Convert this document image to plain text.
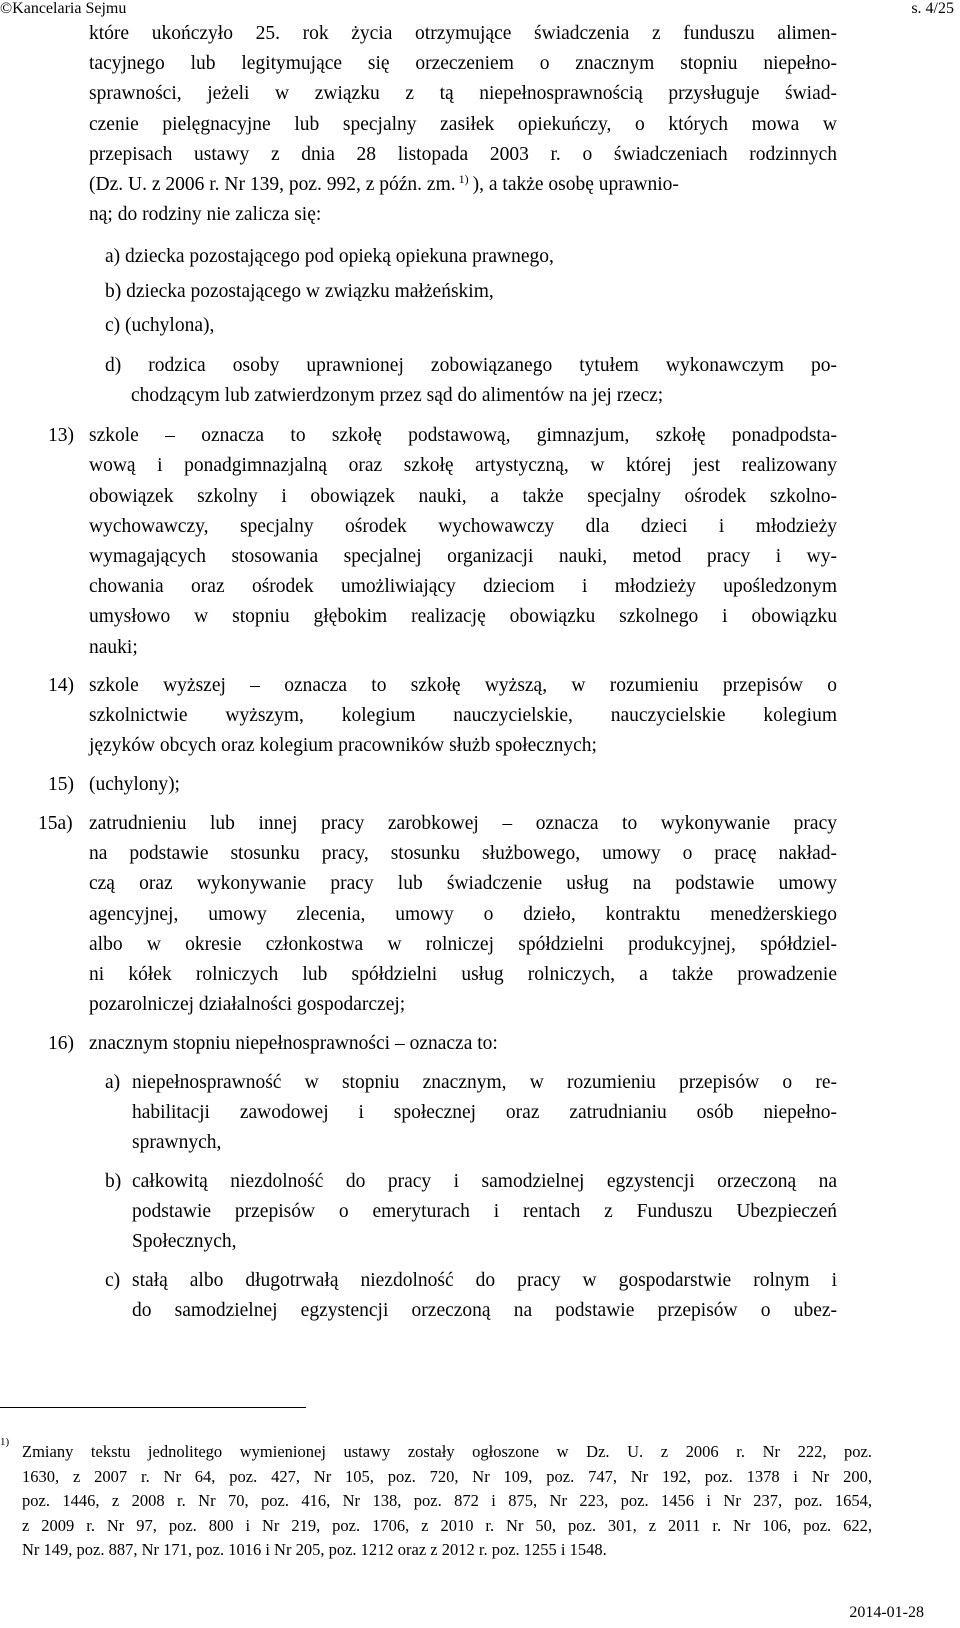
©Kancelaria Sejmu	s. 4/25
które ukończyło 25. rok życia otrzymujące świadczenia z funduszu alimen-
tacyjnego lub legitymujące się orzeczeniem o znacznym stopniu niepełno-
sprawności, jeżeli w związku z tą niepełnosprawnością przysługuje świad-
czenie pielęgnacyjne lub specjalny zasiłek opiekuńczy, o których mowa w
przepisach ustawy z dnia 28 listopada 2003 r. o świadczeniach rodzinnych
(Dz. U. z 2006 r. Nr 139, poz. 992, z późn. zm. $^{1)}$ ), a także osobę uprawnio-
ną; do rodziny nie zalicza się:
a) dziecka pozostającego pod opieką opiekuna prawnego,
b) dziecka pozostającego w związku małżeńskim,
c) (uchylona),
d) rodzica osoby uprawnionej zobowiązanego tytułem wykonawczym po-
chodzącym lub zatwierdzonym przez sąd do alimentów na jej rzecz;
13) szkole – oznacza to szkołę podstawową, gimnazjum, szkołę ponadpodsta-
wową i ponadgimnazjalną oraz szkołę artystyczną, w której jest realizowany
obowiązek szkolny i obowiązek nauki, a także specjalny ośrodek szkolno-
wychowawczy, specjalny ośrodek wychowawczy dla dzieci i młodzieży
wymagających stosowania specjalnej organizacji nauki, metod pracy i wy-
chowania oraz ośrodek umożliwiający dzieciom i młodzieży upośledzonym
umysłowo w stopniu głębokim realizację obowiązku szkolnego i obowiązku
nauki;
14) szkole wyższej – oznacza to szkołę wyższą, w rozumieniu przepisów o
szkolnictwie wyższym, kolegium nauczycielskie, nauczycielskie kolegium
języków obcych oraz kolegium pracowników służb społecznych;
15) (uchylony);
15a) zatrudnieniu lub innej pracy zarobkowej – oznacza to wykonywanie pracy
na podstawie stosunku pracy, stosunku służbowego, umowy o pracę nakład-
czą oraz wykonywanie pracy lub świadczenie usług na podstawie umowy
agencyjnej, umowy zlecenia, umowy o dzieło, kontraktu menedżerskiego
albo w okresie członkostwa w rolniczej spółdzielni produkcyjnej, spółdziel-
ni kółek rolniczych lub spółdzielni usług rolniczych, a także prowadzenie
pozarolniczej działalności gospodarczej;
16) znacznym stopniu niepełnosprawności – oznacza to:
a) niepełnosprawność w stopniu znacznym, w rozumieniu przepisów o re-
habilitacji zawodowej i społecznej oraz zatrudnianiu osób niepełno-
sprawnych,
b) całkowitą niezdolność do pracy i samodzielnej egzystencji orzeczoną na
podstawie przepisów o emeryturach i rentach z Funduszu Ubezpieczeń
Społecznych,
c) stałą albo długotrwałą niezdolność do pracy w gospodarstwie rolnym i
do samodzielnej egzystencji orzeczoną na podstawie przepisów o ubez-
1) Zmiany tekstu jednolitego wymienionej ustawy zostały ogłoszone w Dz. U. z 2006 r. Nr 222, poz.
1630, z 2007 r. Nr 64, poz. 427, Nr 105, poz. 720, Nr 109, poz. 747, Nr 192, poz. 1378 i Nr 200,
poz. 1446, z 2008 r. Nr 70, poz. 416, Nr 138, poz. 872 i 875, Nr 223, poz. 1456 i Nr 237, poz. 1654,
z 2009 r. Nr 97, poz. 800 i Nr 219, poz. 1706, z 2010 r. Nr 50, poz. 301, z 2011 r. Nr 106, poz. 622,
Nr 149, poz. 887, Nr 171, poz. 1016 i Nr 205, poz. 1212 oraz z 2012 r. poz. 1255 i 1548.
2014-01-28
